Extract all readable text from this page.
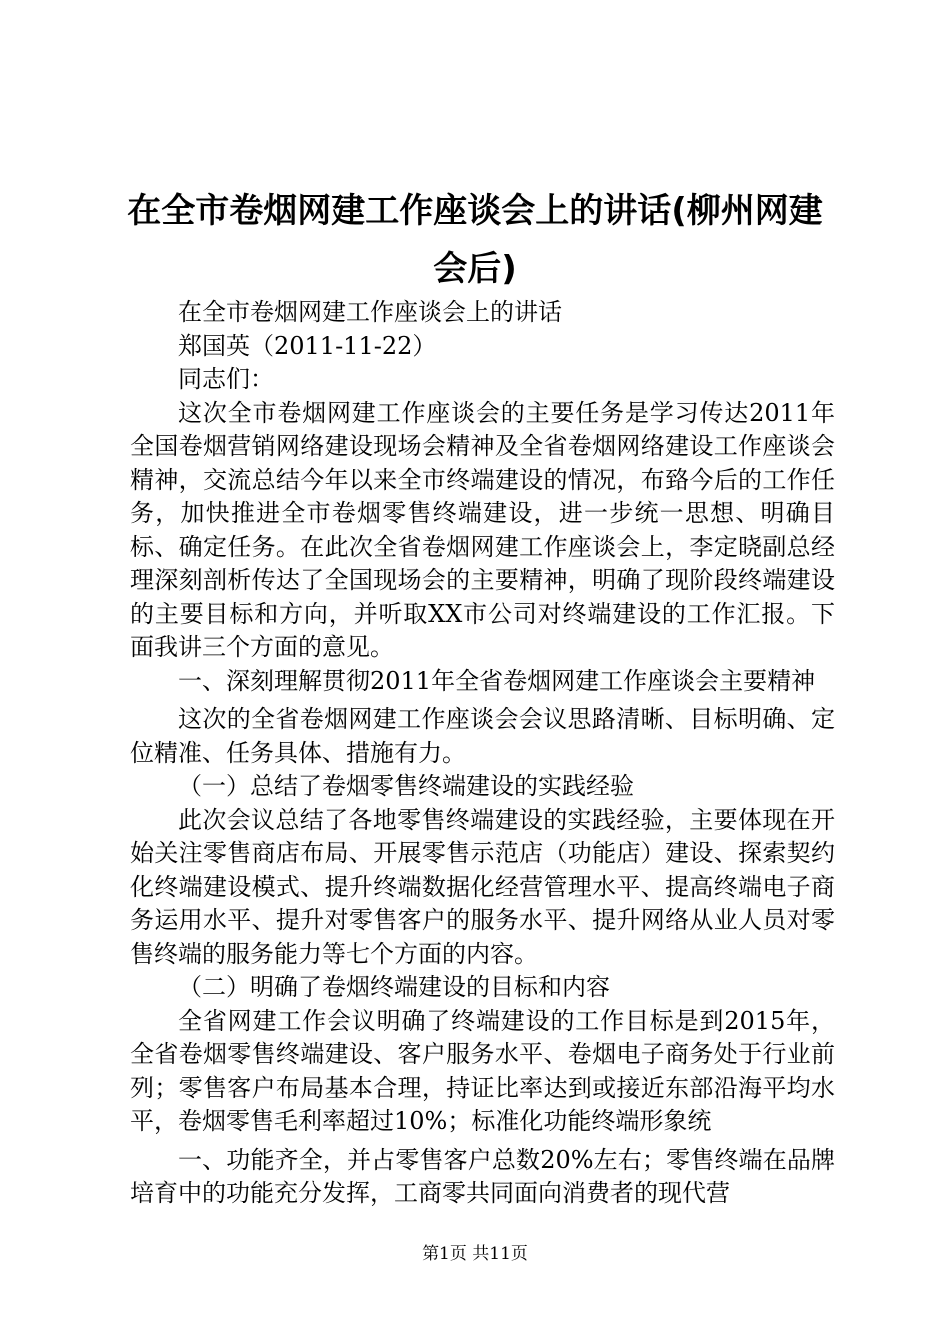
在全市卷烟网建工作座谈会上的讲话(柳州网建会后)

在全市卷烟网建工作座谈会上的讲话

郑国英（2011-11-22）

同志们：

这次全市卷烟网建工作座谈会的主要任务是学习传达2011年全国卷烟营销网络建设现场会精神及全省卷烟网络建设工作座谈会精神，交流总结今年以来全市终端建设的情况，布臵今后的工作任务，加快推进全市卷烟零售终端建设，进一步统一思想、明确目标、确定任务。在此次全省卷烟网建工作座谈会上，李定晓副总经理深刻剖析传达了全国现场会的主要精神，明确了现阶段终端建设的主要目标和方向，并听取XX市公司对终端建设的工作汇报。下面我讲三个方面的意见。

一、深刻理解贯彻2011年全省卷烟网建工作座谈会主要精神

这次的全省卷烟网建工作座谈会会议思路清晰、目标明确、定位精准、任务具体、措施有力。

（一）总结了卷烟零售终端建设的实践经验

此次会议总结了各地零售终端建设的实践经验，主要体现在开始关注零售商店布局、开展零售示范店（功能店）建设、探索契约化终端建设模式、提升终端数据化经营管理水平、提高终端电子商务运用水平、提升对零售客户的服务水平、提升网络从业人员对零售终端的服务能力等七个方面的内容。

（二）明确了卷烟终端建设的目标和内容

全省网建工作会议明确了终端建设的工作目标是到2015年，全省卷烟零售终端建设、客户服务水平、卷烟电子商务处于行业前列；零售客户布局基本合理，持证比率达到或接近东部沿海平均水平，卷烟零售毛利率超过10%；标准化功能终端形象统

一、功能齐全，并占零售客户总数20%左右；零售终端在品牌培育中的功能充分发挥，工商零共同面向消费者的现代营

第1页 共11页
